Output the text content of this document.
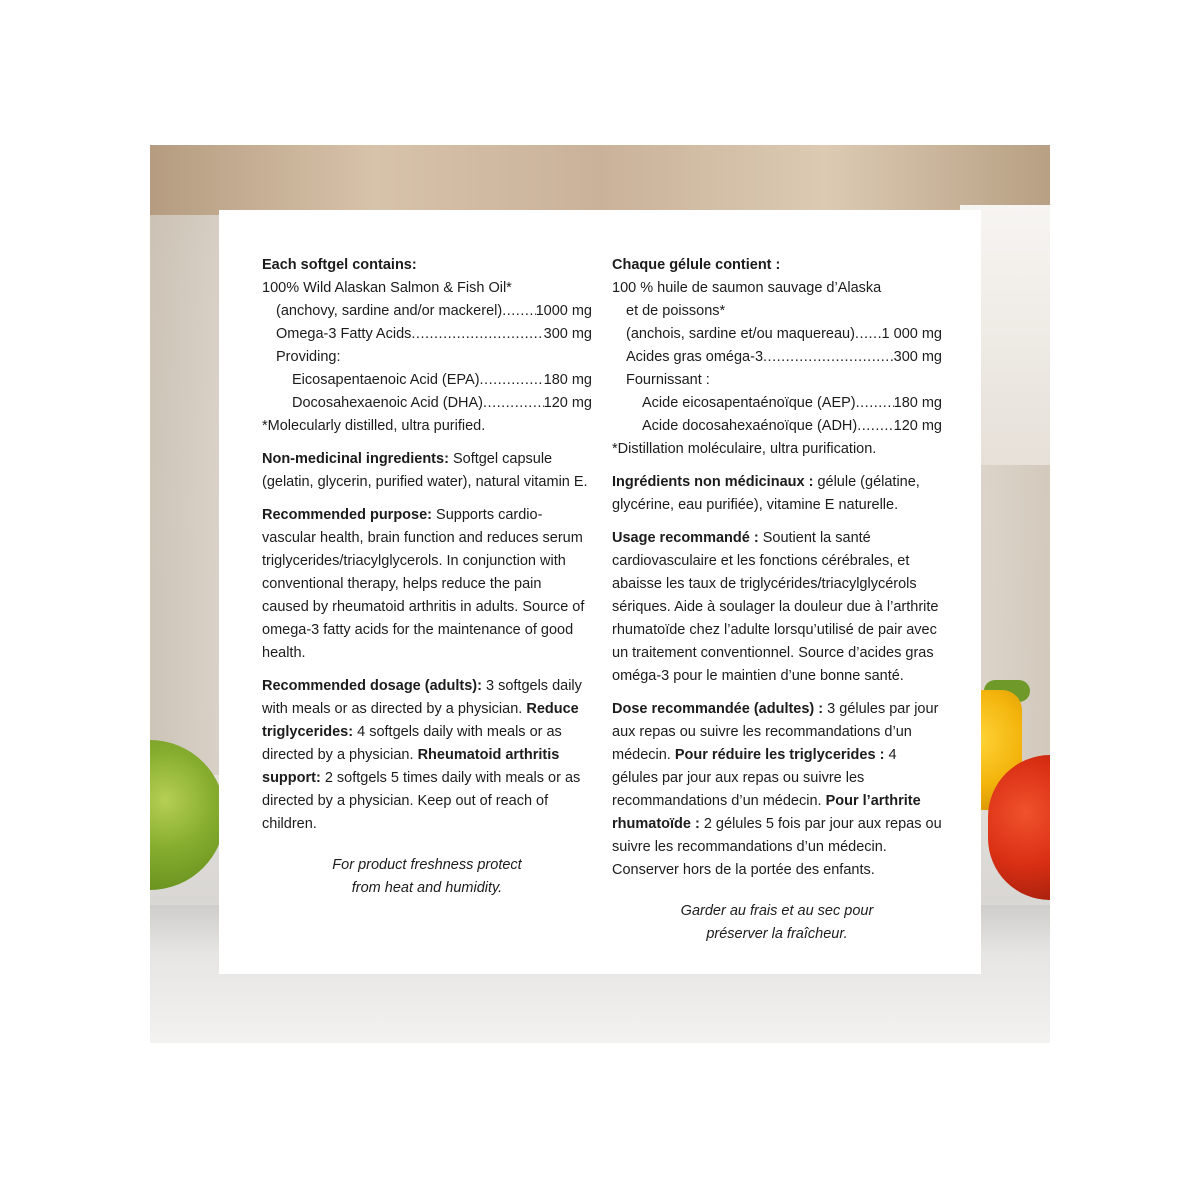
Each softgel contains:
100% Wild Alaskan Salmon & Fish Oil*
(anchovy, sardine and/or mackerel) ..... 1000 mg
Omega-3 Fatty Acids .....	300 mg
Providing:
Eicosapentaenoic Acid (EPA) .....	180 mg
Docosahexaenoic Acid (DHA) .....	120 mg
*Molecularly distilled, ultra purified.

Non-medicinal ingredients: Softgel capsule (gelatin, glycerin, purified water), natural vitamin E.

Recommended purpose: Supports cardio-vascular health, brain function and reduces serum triglycerides/triacylglycerols. In conjunction with conventional therapy, helps reduce the pain caused by rheumatoid arthritis in adults. Source of omega-3 fatty acids for the maintenance of good health.

Recommended dosage (adults): 3 softgels daily with meals or as directed by a physician. Reduce triglycerides: 4 softgels daily with meals or as directed by a physician. Rheumatoid arthritis support: 2 softgels 5 times daily with meals or as directed by a physician. Keep out of reach of children.

For product freshness protect
from heat and humidity.
Chaque gélule contient :
100 % huile de saumon sauvage d’Alaska
et de poissons*
(anchois, sardine et/ou maquereau) ..... 1 000 mg
Acides gras oméga-3 .....	300 mg
Fournissant :
Acide eicosapentaénoïque (AEP) .....	180 mg
Acide docosahexaénoïque (ADH) .....	120 mg
*Distillation moléculaire, ultra purification.

Ingrédients non médicinaux : gélule (gélatine, glycérine, eau purifiée), vitamine E naturelle.

Usage recommandé : Soutient la santé cardiovasculaire et les fonctions cérébrales, et abaisse les taux de triglycérides/triacylglycérols sériques. Aide à soulager la douleur due à l’arthrite rhumatoïde chez l’adulte lorsqu’utilisé de pair avec un traitement conventionnel. Source d’acides gras oméga-3 pour le maintien d’une bonne santé.

Dose recommandée (adultes) : 3 gélules par jour aux repas ou suivre les recommandations d’un médecin. Pour réduire les triglycerides : 4 gélules par jour aux repas ou suivre les recommandations d’un médecin. Pour l’arthrite rhumatoïde : 2 gélules 5 fois par jour aux repas ou suivre les recommandations d’un médecin. Conserver hors de la portée des enfants.

Garder au frais et au sec pour
préserver la fraîcheur.
